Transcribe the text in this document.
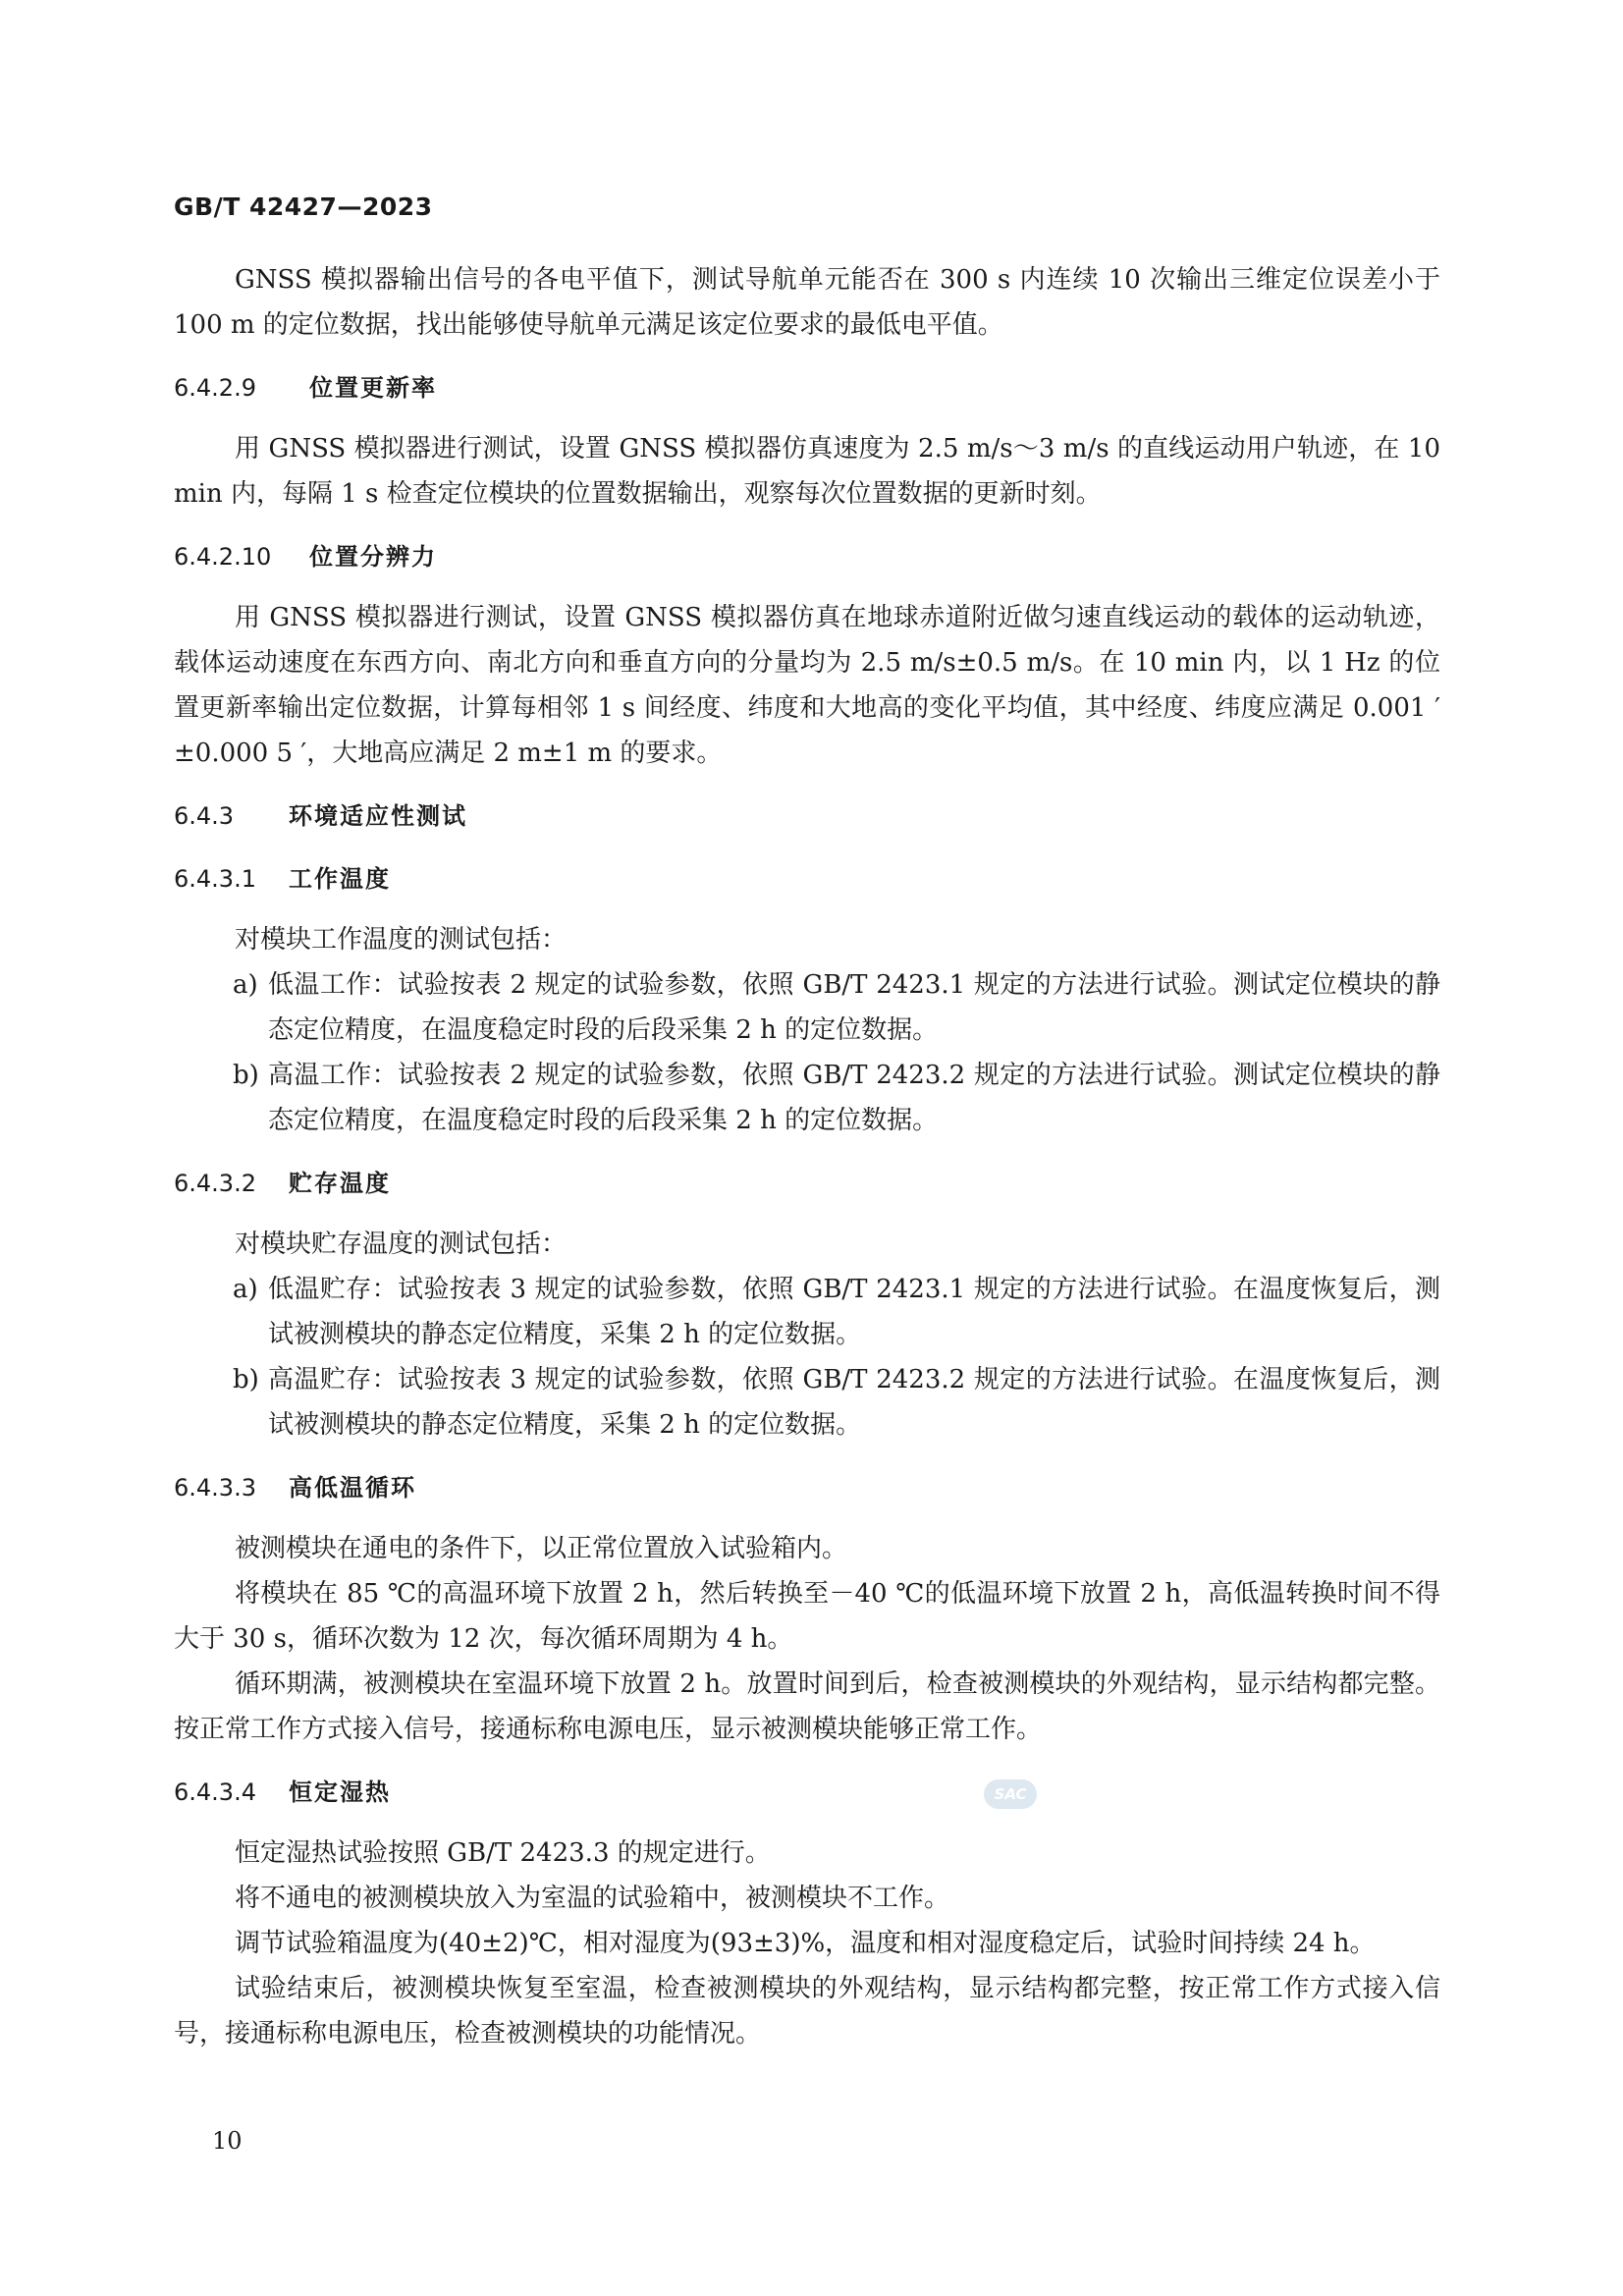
GB/T 42427—2023

GNSS 模拟器输出信号的各电平值下，测试导航单元能否在 300 s 内连续 10 次输出三维定位误差小于 100 m 的定位数据，找出能够使导航单元满足该定位要求的最低电平值。

6.4.2.9 位置更新率

用 GNSS 模拟器进行测试，设置 GNSS 模拟器仿真速度为 2.5 m/s～3 m/s 的直线运动用户轨迹，在 10 min 内，每隔 1 s 检查定位模块的位置数据输出，观察每次位置数据的更新时刻。

6.4.2.10 位置分辨力

用 GNSS 模拟器进行测试，设置 GNSS 模拟器仿真在地球赤道附近做匀速直线运动的载体的运动轨迹，载体运动速度在东西方向、南北方向和垂直方向的分量均为 2.5 m/s±0.5 m/s。在 10 min 内，以 1 Hz 的位置更新率输出定位数据，计算每相邻 1 s 间经度、纬度和大地高的变化平均值，其中经度、纬度应满足 0.001 ′±0.000 5 ′，大地高应满足 2 m±1 m 的要求。

6.4.3 环境适应性测试
6.4.3.1 工作温度
对模块工作温度的测试包括：
a) 低温工作：试验按表 2 规定的试验参数，依照 GB/T 2423.1 规定的方法进行试验。测试定位模块的静态定位精度，在温度稳定时段的后段采集 2 h 的定位数据。
b) 高温工作：试验按表 2 规定的试验参数，依照 GB/T 2423.2 规定的方法进行试验。测试定位模块的静态定位精度，在温度稳定时段的后段采集 2 h 的定位数据。
6.4.3.2 贮存温度
对模块贮存温度的测试包括：
a) 低温贮存：试验按表 3 规定的试验参数，依照 GB/T 2423.1 规定的方法进行试验。在温度恢复后，测试被测模块的静态定位精度，采集 2 h 的定位数据。
b) 高温贮存：试验按表 3 规定的试验参数，依照 GB/T 2423.2 规定的方法进行试验。在温度恢复后，测试被测模块的静态定位精度，采集 2 h 的定位数据。
6.4.3.3 高低温循环

被测模块在通电的条件下，以正常位置放入试验箱内。

将模块在 85 ℃的高温环境下放置 2 h，然后转换至－40 ℃的低温环境下放置 2 h，高低温转换时间不得大于 30 s，循环次数为 12 次，每次循环周期为 4 h。

循环期满，被测模块在室温环境下放置 2 h。放置时间到后，检查被测模块的外观结构，显示结构都完整。按正常工作方式接入信号，接通标称电源电压，显示被测模块能够正常工作。

6.4.3.4 恒定湿热

恒定湿热试验按照 GB/T 2423.3 的规定进行。

将不通电的被测模块放入为室温的试验箱中，被测模块不工作。

调节试验箱温度为(40±2)℃，相对湿度为(93±3)%，温度和相对湿度稳定后，试验时间持续 24 h。

试验结束后，被测模块恢复至室温，检查被测模块的外观结构，显示结构都完整，按正常工作方式接入信号，接通标称电源电压，检查被测模块的功能情况。

SAC
10
